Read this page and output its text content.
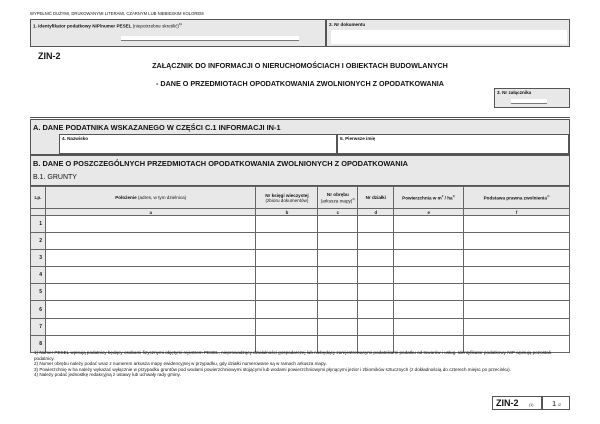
WYPEŁNIĆ DUŻYMI, DRUKOWANYMI LITERAMI, CZARNYM LUB NIEBIESKIM KOLOREM
1. Identyfikator podatkowy NIP/numer PESEL (niepotrzebne skreślić)$^{1)}$	2. Nr dokumentu
ZIN-2
ZAŁĄCZNIK DO INFORMACJI O NIERUCHOMOŚCIACH I OBIEKTACH BUDOWLANYCH
- DANE O PRZEDMIOTACH OPODATKOWANIA ZWOLNIONYCH Z OPODATKOWANIA
3. Nr załącznika
A. DANE PODATNIKA WSKAZANEGO W CZĘŚCI C.1 INFORMACJI IN-1
4. Nazwisko	5. Pierwsze imię
B. DANE O POSZCZEGÓLNYCH PRZEDMIOTACH OPODATKOWANIA ZWOLNIONYCH Z OPODATKOWANIA
B.1. GRUNTY
Lp.	Położenie (adres, w tym dzielnica)	Nr księgi wieczystej
(zbioru dokumentów)	Nr obrębu
(arkusza mapy)$^{2)}$	Nr działki	Powierzchnia w $m^2 / ha^{3)}$	Podstawa prawna zwolnienia$^{4)}$
	a	b	c	d	e	f
1						
2						
3						
4						
5						
6						
7						
8						
1) Numer PESEL wpisują podatnicy będący osobami fizycznymi objętymi rejestrem PESEL, nieprowadzący działalności gospodarczej lub niebędący zarejestrowanymi podatnikami podatku od towarów i usług. Identyfikator podatkowy NIP wpisują pozostali podatnicy.
2) Numer obrębu należy podać wraz z numerem arkusza mapy ewidencyjnej w przypadku, gdy działki numerowane są w ramach arkusza mapy.
3) Powierzchnię w ha należy wykazać wyłącznie w przypadku gruntów pod wodami powierzchniowymi stojącymi lub wodami powierzchniowymi płynącymi jezior i zbiorników sztucznych (z dokładnością do czterech miejsc po przecinku).
4) Należy podać jednostkę redakcyjną z ustawy lub uchwały rady gminy.
ZIN-2	(1) 1 /2
